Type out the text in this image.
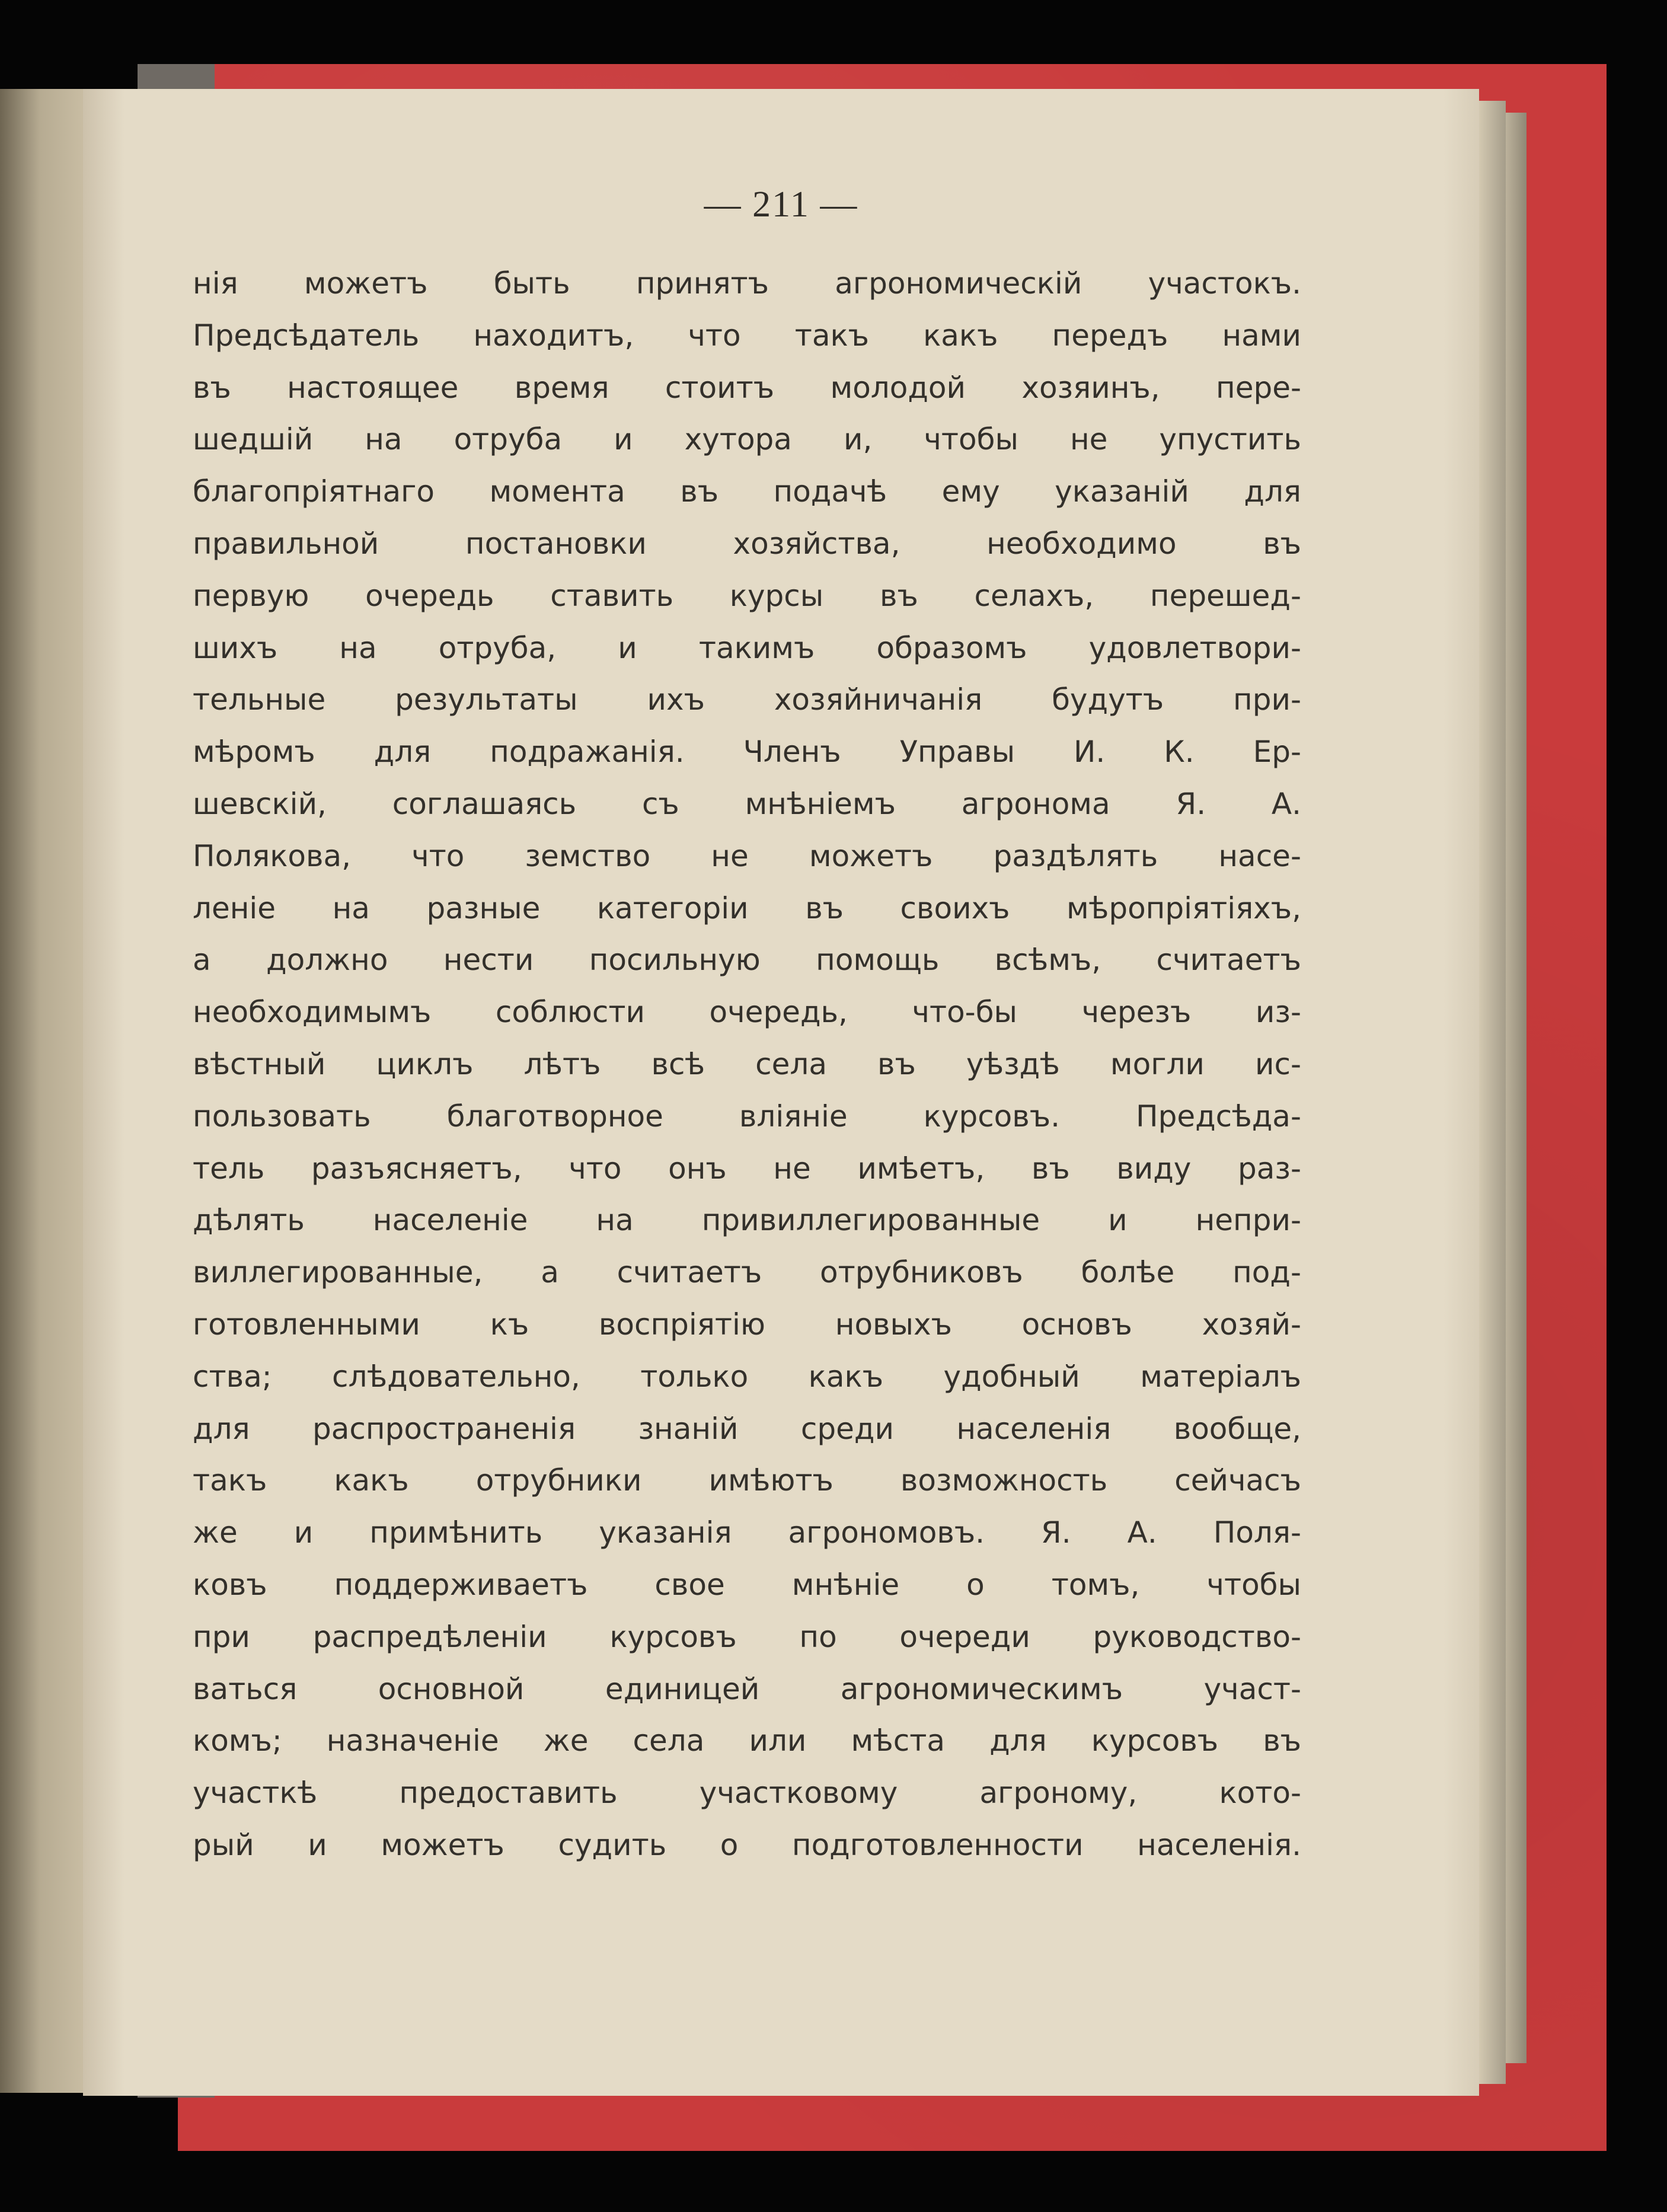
— 211 —
нія можетъ быть принятъ агрономическій участокъ.
Предсѣдатель находитъ, что такъ какъ передъ нами
въ настоящее время стоитъ молодой хозяинъ, пере-
шедшій на отруба и хутора и, чтобы не упустить
благопріятнаго момента въ подачѣ ему указаній для
правильной постановки хозяйства, необходимо въ
первую очередь ставить курсы въ селахъ, перешед-
шихъ на отруба, и такимъ образомъ удовлетвори-
тельные результаты ихъ хозяйничанія будутъ при-
мѣромъ для подражанія. Членъ Управы И. К. Ер-
шевскій, соглашаясь съ мнѣніемъ агронома Я. А.
Полякова, что земство не можетъ раздѣлять насе-
леніе на разные категоріи въ своихъ мѣропріятіяхъ,
а должно нести посильную помощь всѣмъ, считаетъ
необходимымъ соблюсти очередь, что-бы черезъ из-
вѣстный циклъ лѣтъ всѣ села въ уѣздѣ могли ис-
пользовать благотворное вліяніе курсовъ. Предсѣда-
тель разъясняетъ, что онъ не имѣетъ, въ виду раз-
дѣлять населеніе на привиллегированные и непри-
виллегированные, а считаетъ отрубниковъ болѣе под-
готовленными къ воспріятію новыхъ основъ хозяй-
ства; слѣдовательно, только какъ удобный матеріалъ
для распространенія знаній среди населенія вообще,
такъ какъ отрубники имѣютъ возможность сейчасъ
же и примѣнить указанія агрономовъ. Я. А. Поля-
ковъ поддерживаетъ свое мнѣніе о томъ, чтобы
при распредѣленіи курсовъ по очереди руководство-
ваться основной единицей агрономическимъ участ-
комъ; назначеніе же села или мѣста для курсовъ въ
участкѣ предоставить участковому агроному, кото-
рый и можетъ судить о подготовленности населенія.
